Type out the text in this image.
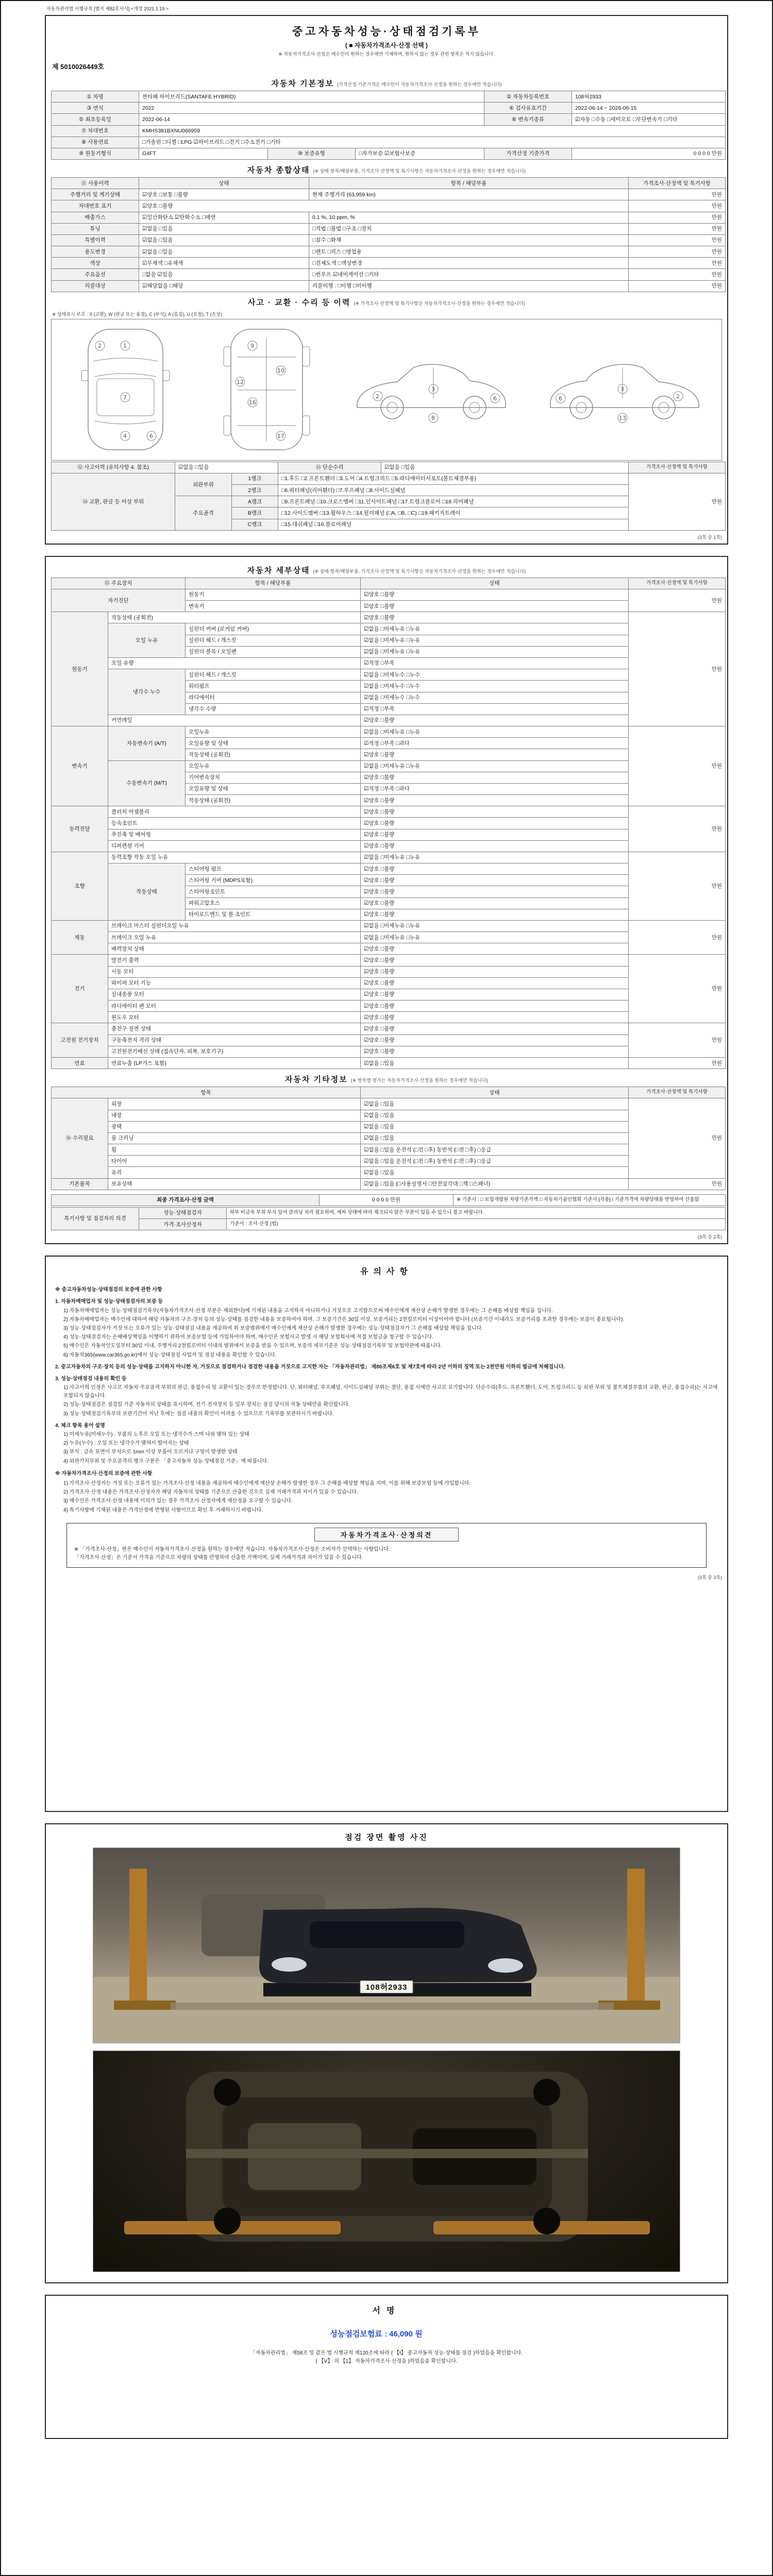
자동차관리법 시행규칙 [별지 제82호서식] <개정 2021.1.19.>
중고자동차성능·상태점검기록부
( ■ 자동차가격조사·산정 선택 )
※ 자동차가격조사·산정은 매수인이 원하는 경우에만 기재하며, 원하지 않는 경우 관련 항목은 적지 않습니다.
제 5010026449호
자동차 기본정보 (가격산정 기준가격은 매수인이 자동차가격조사·산정을 원하는 경우에만 적습니다)
① 차명	싼타페 하이브리드(SANTAFE HYBRID)			② 자동차등록번호	108허2933
③ 연식	2022			④ 검사유효기간	2022-06-14 ~ 2026-06-15
⑤ 최초등록일	2022-06-14			⑥ 변속기종류	☑자동 □수동 □세미오토 □무단변속기 □기타
⑦ 차대번호	KMHS381BXNU066959				
⑧ 사용연료	□가솔린 □디젤 □LPG ☑하이브리드 □전기 □수소전기 □기타				
⑨ 원동기형식	G4FT	⑩ 보증유형	□자가보증 ☑보험사보증	가격산정 기준가격	0 0 0 0 만원
자동차 종합상태 (※ 상태·항목/해당부품, 가격조사·산정액 및 특기사항은 자동차가격조사·산정을 원하는 경우에만 적습니다)
⑪ 사용이력	상태	항목 / 해당부품	가격조사·산정액 및 특기사항
주행거리 및 계기상태	☑양호 □보통 □불량	현재 주행거리 (63,959 km)	만원
차대번호 표기	☑양호 □불량		만원
배출가스	☑일산화탄소 ☑탄화수소 □매연	0.1 %, 10 ppm, %	만원
튜닝	☑없음 □있음	□적법 □불법 □구조 □장치	만원
특별이력	☑없음 □있음	□침수 □화재	만원
용도변경	☑없음 □있음	□렌트 □리스 □영업용	만원
색상	☑무채색 □유채색	□전체도색 □색상변경	만원
주요옵션	□없음 ☑있음	□썬루프 ☑네비게이션 □기타	만원
리콜대상	☑해당없음 □해당	리콜이행 : □이행 □미이행	만원
사고 · 교환 · 수리 등 이력 (※ 가격조사·산정액 및 특기사항은 자동차가격조사·산정을 원하는 경우에만 적습니다)
※ 상태표시 부호 : X (교환), W (판금 또는 용접), C (부식), A (흠집), U (요철), T (손상)
1
7
4
2
6
9
10
16
17
12
2
3
6
8
2
3
6
13
⑫ 사고이력 (유의사항 4. 참조)	☑없음 □있음		⑬ 단순수리	☑없음 □있음	가격조사·산정액 및 특기사항
⑭ 교환, 판금 등 이상 부위	외판부위	1랭크	□1.후드 □2.프론트휀더 □3.도어 □4.트렁크리드 □5.라디에이터서포트(볼트체결부품)		만원
		2랭크	□6.쿼터패널(리어휀더) □7.루프패널 □8.사이드실패널		
	주요골격	A랭크	□9.프론트패널 □10.크로스멤버 □11.인사이드패널 □17.트렁크플로어 □18.리어패널		
		B랭크	□12.사이드멤버 □13.휠하우스 □14.필러패널 (□A, □B, □C) □19.패키지트레이		
		C랭크	□15.대쉬패널 □16.플로어패널		
(3쪽 중 1쪽)
자동차 세부상태 (※ 상태·항목/해당부품, 가격조사·산정액 및 특기사항은 자동차가격조사·산정을 원하는 경우에만 적습니다)
⑮ 주요장치		항목 / 해당부품	상태	가격조사·산정액 및 특기사항
자기진단		원동기	☑양호 □불량	만원
		변속기	☑양호 □불량	
원동기	작동상태 (공회전)		☑양호 □불량	만원
	오일 누유	실린더 커버 (로커암 커버)	☑없음 □미세누유 □누유	
		실린더 헤드 / 개스킷	☑없음 □미세누유 □누유	
		실린더 블록 / 오일팬	☑없음 □미세누유 □누유	
	오일 유량		☑적정 □부족	
	냉각수 누수	실린더 헤드 / 개스킷	☑없음 □미세누수 □누수	
		워터펌프	☑없음 □미세누수 □누수	
		라디에이터	☑없음 □미세누수 □누수	
		냉각수 수량	☑적정 □부족	
	커먼레일		☑양호 □불량	
변속기	자동변속기 (A/T)	오일누유	☑없음 □미세누유 □누유	만원
		오일유량 및 상태	☑적정 □부족 □과다	
		작동상태 (공회전)	☑양호 □불량	
	수동변속기 (M/T)	오일누유	☑없음 □미세누유 □누유	
		기어변속장치	☑양호 □불량	
		오일유량 및 상태	☑적정 □부족 □과다	
		작동상태 (공회전)	☑양호 □불량	
동력전달	클러치 어셈블리		☑양호 □불량	만원
	등속조인트		☑양호 □불량	
	추진축 및 베어링		☑양호 □불량	
	디퍼렌셜 기어		☑양호 □불량	
조향	동력조향 작동 오일 누유		☑없음 □미세누유 □누유	만원
	작동상태	스티어링 펌프	☑양호 □불량	
		스티어링 기어 (MDPS포함)	☑양호 □불량	
		스티어링조인트	☑양호 □불량	
		파워고압호스	☑양호 □불량	
		타이로드엔드 및 볼 조인트	☑양호 □불량	
제동	브레이크 마스터 실린더오일 누유		☑없음 □미세누유 □누유	만원
	브레이크 오일 누유		☑없음 □미세누유 □누유	
	배력장치 상태		☑양호 □불량	
전기	발전기 출력		☑양호 □불량	만원
	시동 모터		☑양호 □불량	
	와이퍼 모터 기능		☑양호 □불량	
	실내송풍 모터		☑양호 □불량	
	라디에이터 팬 모터		☑양호 □불량	
	윈도우 모터		☑양호 □불량	
고전원 전기장치	충전구 절연 상태		☑양호 □불량	만원
	구동축전지 격리 상태		☑양호 □불량	
	고전원전기배선 상태 (접속단자, 피복, 보호기구)		☑양호 □불량	
연료	연료누출 (LP가스 포함)		☑없음 □있음	만원
자동차 기타정보 (※ 항목별 평가는 자동차가격조사·산정을 원하는 경우에만 적습니다)
항목		상태	가격조사·산정액 및 특기사항
⑯ 수리필요	외장	☑없음 □있음	만원
	내장	☑없음 □있음	
	광택	☑없음 □있음	
	룸 크리닝	☑없음 □있음	
	휠	☑없음 □있음 운전석 (□전 □후) 동반석 (□전 □후) □응급	
	타이어	☑없음 □있음 운전석 (□전 □후) 동반석 (□전 □후) □응급	
	유리	☑없음 □있음	
기본품목	보유상태	☑없음 □있음 (□사용설명서 □안전삼각대 □잭 □스패너)	만원
최종 가격조사·산정 금액	0 0 0 0 만원	※ 기준서 : □ 보험개발원 차량기준가액 □ 자동차기술인협회 기준서 [적용] / 기준가격에 차량상태를 반영하여 산출함
특기사항 및 점검자의 의견	성능·상태점검자	하부 비금속 부위 부식 있어 클리닝 처리 필요하며, 세차 상태에 따라 체크되지 않은 부분이 있을 수 있으니 참고 바랍니다.
	가격·조사산정자	기준서 : 조사·산정 (법)
(3쪽 중 2쪽)
유의사항
※ 중고자동차성능·상태점검의 보증에 관한 사항
1. 자동차매매업자 및 성능·상태점검자의 보증 등
1) 자동차매매업자는 성능·상태점검기록부(자동차가격조사·산정 부분은 제외한다)에 기재된 내용을 고지하지 아니하거나 거짓으로 고지함으로써 매수인에게 재산상 손해가 발생한 경우에는 그 손해를 배상할 책임을 집니다.
2) 자동차매매업자는 매수인에 대하여 해당 자동차의 구조·장치 등의 성능·상태를 점검한 내용을 보증하여야 하며, 그 보증기간은 30일 이상, 보증거리는 2천킬로미터 이상이어야 합니다 (보증기간 이내라도 보증거리를 초과한 경우에는 보증이 종료됩니다).
3) 성능·상태점검자가 거짓 또는 오류가 있는 성능·상태점검 내용을 제공하여 위 보증범위에서 매수인에게 재산상 손해가 발생한 경우에는 성능·상태점검자가 그 손해를 배상할 책임을 집니다.
4) 성능·상태점검자는 손해배상책임을 이행하기 위하여 보증보험 등에 가입하여야 하며, 매수인은 보험사고 발생 시 해당 보험회사에 직접 보험금을 청구할 수 있습니다.
5) 매수인은 자동차인도일부터 30일 이내, 주행거리 2천킬로미터 이내의 범위에서 보증을 받을 수 있으며, 보증의 세부기준은 성능·상태점검기록부 및 보험약관에 따릅니다.
6) 자동차365(www.car365.go.kr)에서 성능·상태점검 사업자 및 점검 내용을 확인할 수 있습니다.
2. 중고자동차의 구조·장치 등의 성능·상태를 고지하지 아니한 자, 거짓으로 점검하거나 점검한 내용을 거짓으로 고지한 자는 「자동차관리법」 제80조제6호 및 제7호에 따라 2년 이하의 징역 또는 2천만원 이하의 벌금에 처해집니다.
3. 성능·상태점검 내용의 확인 등
1) 사고이력 인정은 사고로 자동차 주요골격 부위의 판금, 용접수리 및 교환이 있는 경우로 한정합니다. 단, 쿼터패널, 루프패널, 사이드실패널 부위는 절단, 용접 시에만 사고로 표기합니다. 단순수리(후드, 프론트휀더, 도어, 트렁크리드 등 외판 부위 및 볼트체결부품의 교환, 판금, 용접수리)는 사고에 포함되지 않습니다.
2) 성능·상태점검은 점검일 기준 자동차의 상태를 표시하며, 전기·전자장치 등 일부 장치는 점검 당시의 작동 상태만을 확인합니다.
3) 성능·상태점검기록부의 보관기간이 지난 후에는 점검 내용의 확인이 어려울 수 있으므로 기록부를 보관하시기 바랍니다.
4. 체크 항목 용어 설명
1) 미세누유(미세누수) : 부품의 노후로 오일 또는 냉각수가 스며 나와 맺혀 있는 상태
2) 누유(누수) : 오일 또는 냉각수가 맺혀서 떨어지는 상태
3) 부식 : 금속 표면이 부식으로 1mm 이상 부풀어 오르거나 구멍이 발생한 상태
4) 외판가치부위 및 주요골격의 랭크 구분은 「중고자동차 성능·상태점검 기준」에 따릅니다.
※ 자동차가격조사·산정의 보증에 관한 사항
1) 가격조사·산정자는 거짓 또는 오류가 있는 가격조사·산정 내용을 제공하여 매수인에게 재산상 손해가 발생한 경우 그 손해를 배상할 책임을 지며, 이를 위해 보증보험 등에 가입합니다.
2) 가격조사·산정 내용은 가격조사·산정자가 해당 자동차의 상태를 기준으로 산출한 것으로 실제 거래가격과 차이가 있을 수 있습니다.
3) 매수인은 가격조사·산정 내용에 이의가 있는 경우 가격조사·산정자에게 재산정을 요구할 수 있습니다.
4) 특기사항에 기재된 내용은 가격산정에 반영된 사항이므로 확인 후 거래하시기 바랍니다.
자동차가격조사·산정의견
※ 「가격조사·산정」란은 매수인이 자동차가격조사·산정을 원하는 경우에만 적습니다. 자동차가격조사·산정은 소비자가 선택하는 사항입니다.
「가격조사·산정」은 기준서 가격을 기준으로 차량의 상태를 반영하여 산출한 가액이며, 실제 거래가격과 차이가 있을 수 있습니다.
(3쪽 중 3쪽)
점검 장면 촬영 사진
108허2933
서명
성능점검보험료 : 46,090 원
「자동차관리법」 제58조 및 같은 법 시행규칙 제120조에 따라 ( 【Ⅰ】 중고자동차 성능·상태를 점검 )하였음을 확인합니다.
( 【Ⅴ】 의 【1】 자동차가격조사·산정을 )하였음을 확인합니다.
